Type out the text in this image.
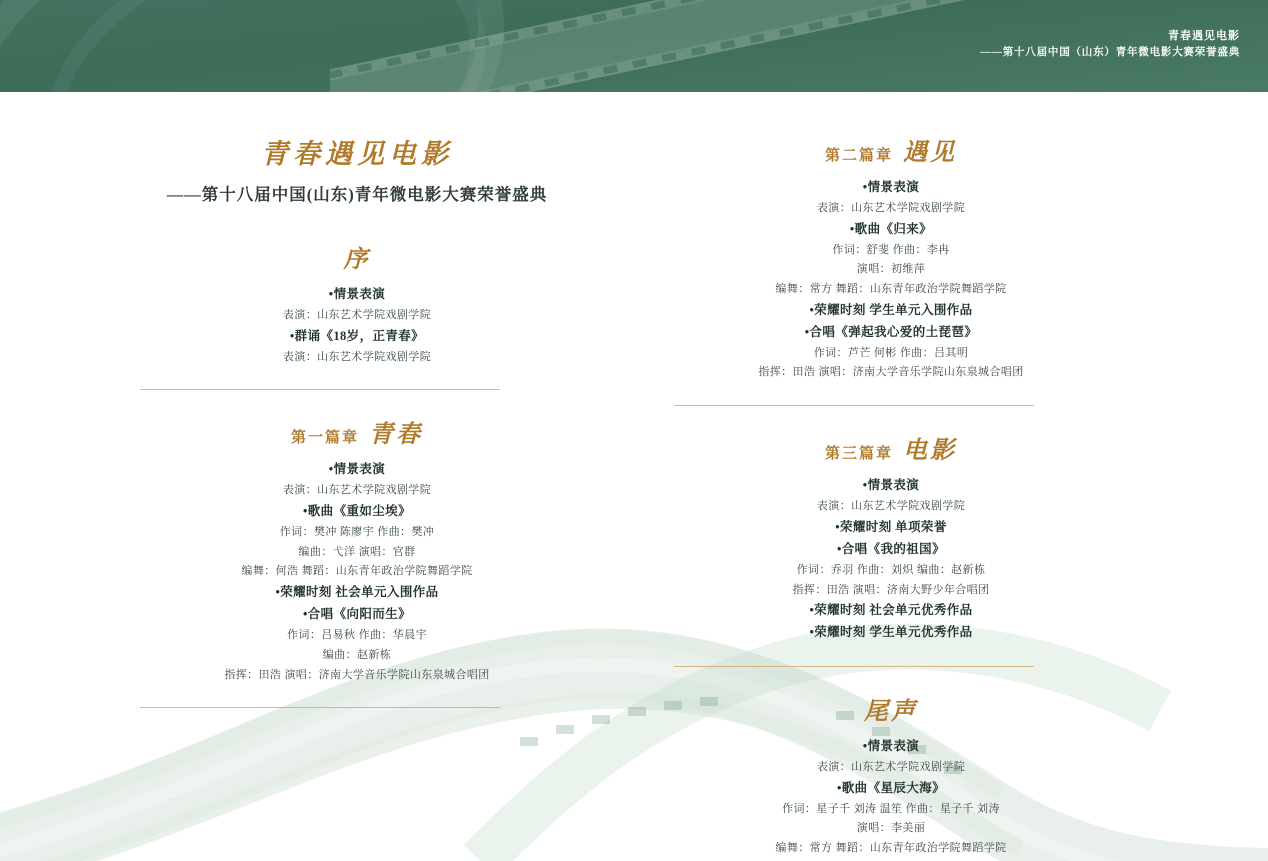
青春遇见电影
——第十八届中国（山东）青年微电影大赛荣誉盛典
青春遇见电影
——第十八届中国(山东)青年微电影大赛荣誉盛典
序
•情景表演
表演：山东艺术学院戏剧学院
•群诵《18岁，正青春》
表演：山东艺术学院戏剧学院
第一篇章 青春
•情景表演
表演：山东艺术学院戏剧学院
•歌曲《重如尘埃》
作词：樊冲 陈廖宇 作曲：樊冲
编曲：弋洋 演唱：官群
编舞：何浩 舞蹈：山东青年政治学院舞蹈学院
•荣耀时刻 社会单元入围作品
•合唱《向阳而生》
作词：吕易秋 作曲：华晨宇
编曲：赵新栋
指挥：田浩 演唱：济南大学音乐学院山东泉城合唱团
第二篇章 遇见
•情景表演
表演：山东艺术学院戏剧学院
•歌曲《归来》
作词：舒斐 作曲：李冉
演唱：初维萍
编舞：常方 舞蹈：山东青年政治学院舞蹈学院
•荣耀时刻 学生单元入围作品
•合唱《弹起我心爱的土琵琶》
作词：芦芒 何彬 作曲：吕其明
指挥：田浩 演唱：济南大学音乐学院山东泉城合唱团
第三篇章 电影
•情景表演
表演：山东艺术学院戏剧学院
•荣耀时刻 单项荣誉
•合唱《我的祖国》
作词：乔羽 作曲：刘炽 编曲：赵新栋
指挥：田浩 演唱：济南大野少年合唱团
•荣耀时刻 社会单元优秀作品
•荣耀时刻 学生单元优秀作品
尾声
•情景表演
表演：山东艺术学院戏剧学院
•歌曲《星辰大海》
作词：星子千 刘涛 温笙 作曲：星子千 刘涛
演唱：李美丽
编舞：常方 舞蹈：山东青年政治学院舞蹈学院
